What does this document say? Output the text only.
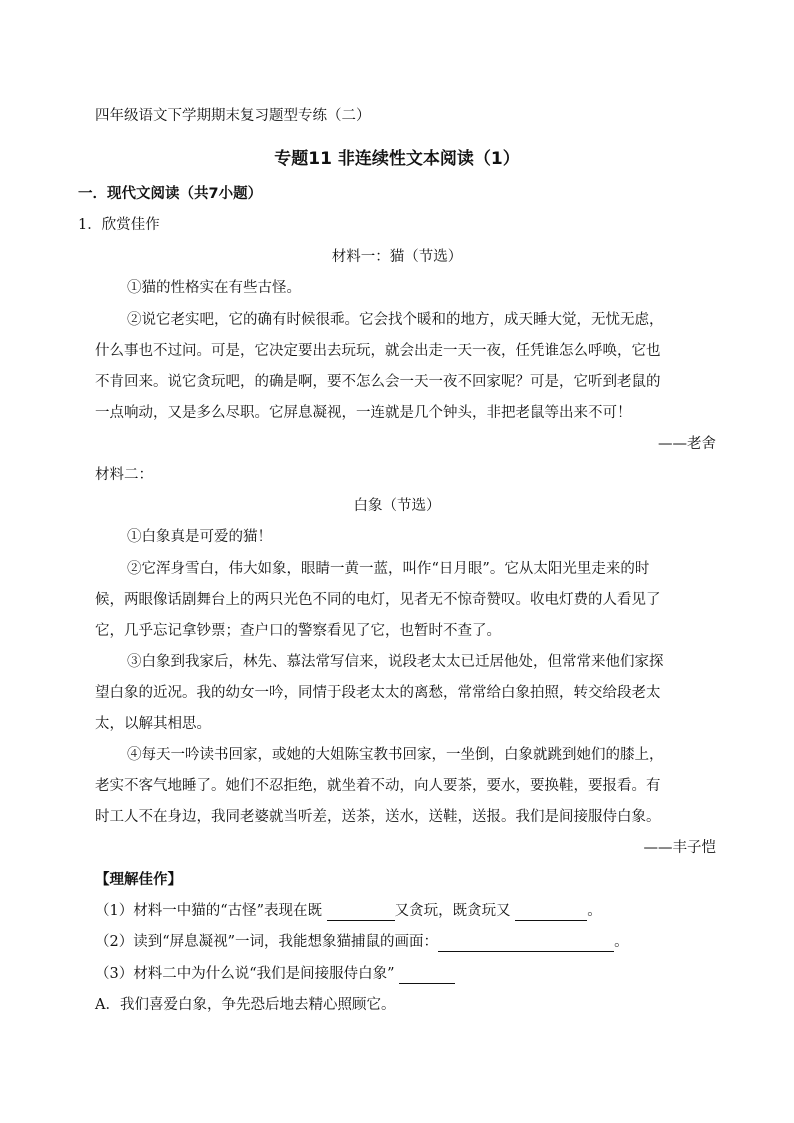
四年级语文下学期期末复习题型专练（二）
专题11 非连续性文本阅读（1）
一．现代文阅读（共7小题）
1．欣赏佳作
材料一：猫（节选）
①猫的性格实在有些古怪。
②说它老实吧，它的确有时候很乖。它会找个暖和的地方，成天睡大觉，无忧无虑，
什么事也不过问。可是，它决定要出去玩玩，就会出走一天一夜，任凭谁怎么呼唤，它也
不肯回来。说它贪玩吧，的确是啊，要不怎么会一天一夜不回家呢？可是，它听到老鼠的
一点响动，又是多么尽职。它屏息凝视，一连就是几个钟头，非把老鼠等出来不可！
——老舍
材料二：
白象（节选）
①白象真是可爱的猫！
②它浑身雪白，伟大如象，眼睛一黄一蓝，叫作“日月眼”。它从太阳光里走来的时
候，两眼像话剧舞台上的两只光色不同的电灯，见者无不惊奇赞叹。收电灯费的人看见了
它，几乎忘记拿钞票；查户口的警察看见了它，也暂时不查了。
③白象到我家后，林先、慕法常写信来，说段老太太已迁居他处，但常常来他们家探
望白象的近况。我的幼女一吟，同情于段老太太的离愁，常常给白象拍照，转交给段老太
太，以解其相思。
④每天一吟读书回家，或她的大姐陈宝教书回家，一坐倒，白象就跳到她们的膝上，
老实不客气地睡了。她们不忍拒绝，就坐着不动，向人要茶，要水，要换鞋，要报看。有
时工人不在身边，我同老婆就当听差，送茶，送水，送鞋，送报。我们是间接服侍白象。
——丰子恺
【理解佳作】
（1）材料一中猫的“古怪”表现在既	又贪玩，既贪玩又	。
（2）读到“屏息凝视”一词，我能想象猫捕鼠的画面：	。
（3）材料二中为什么说“我们是间接服侍白象”
A．我们喜爱白象，争先恐后地去精心照顾它。
